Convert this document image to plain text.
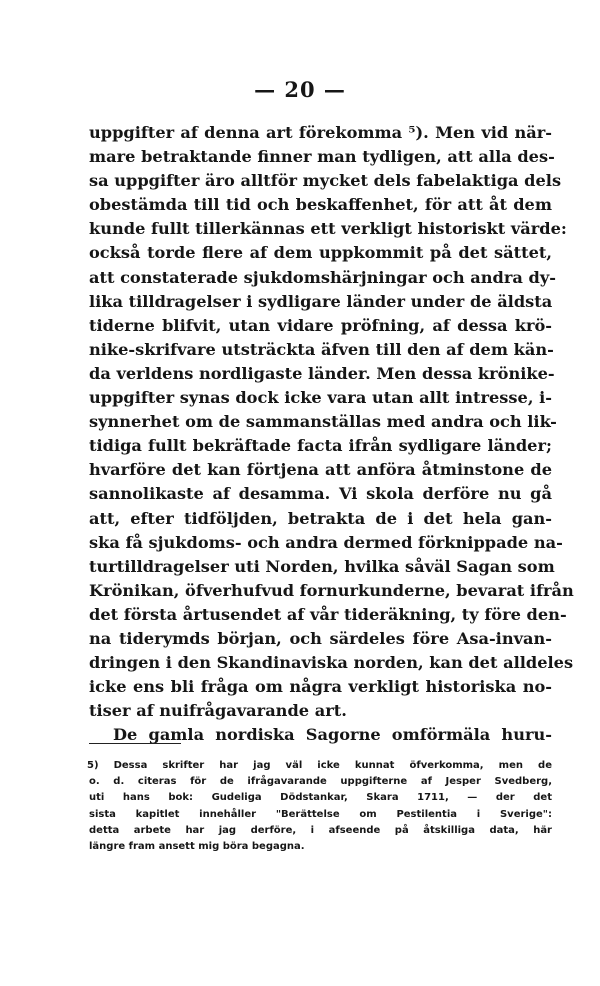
— 20 —
uppgifter af denna art förekomma ⁵). Men vid när-
mare betraktande finner man tydligen, att alla des-
sa uppgifter äro alltför mycket dels fabelaktiga dels
obestämda till tid och beskaffenhet, för att åt dem
kunde fullt tillerkännas ett verkligt historiskt värde:
också torde flere af dem uppkommit på det sättet,
att constaterade sjukdomshärjningar och andra dy-
lika tilldragelser i sydligare länder under de äldsta
tiderne blifvit, utan vidare pröfning, af dessa krö-
nike-skrifvare utsträckta äfven till den af dem kän-
da verldens nordligaste länder. Men dessa krönike-
uppgifter synas dock icke vara utan allt intresse, i-
synnerhet om de sammanställas med andra och lik-
tidiga fullt bekräftade facta ifrån sydligare länder;
hvarföre det kan förtjena att anföra åtminstone de
sannolikaste af desamma. Vi skola derföre nu gå
att, efter tidföljden, betrakta de i det hela gan-
ska få sjukdoms- och andra dermed förknippade na-
turtilldragelser uti Norden, hvilka såväl Sagan som
Krönikan, öfverhufvud fornurkunderne, bevarat ifrån
det första årtusendet af vår tideräkning, ty före den-
na tiderymds början, och särdeles före Asa-invan-
dringen i den Skandinaviska norden, kan det alldeles
icke ens bli fråga om några verkligt historiska no-
tiser af nuifrågavarande art.
De gamla nordiska Sagorne omförmäla huru-
5) Dessa skrifter har jag väl icke kunnat öfverkomma, men de
o. d. citeras för de ifrågavarande uppgifterne af Jesper Svedberg,
uti hans bok: Gudeliga Dödstankar, Skara 1711, — der det
sista kapitlet innehåller "Berättelse om Pestilentia i Sverige":
detta arbete har jag derföre, i afseende på åtskilliga data, här
längre fram ansett mig böra begagna.
